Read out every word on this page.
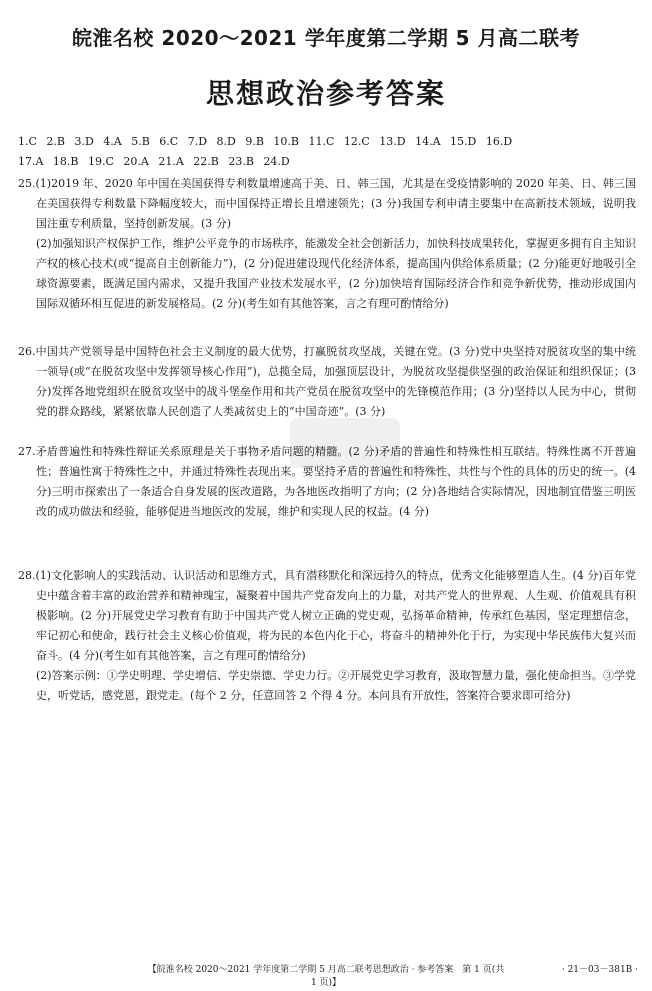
皖淮名校 2020～2021 学年度第二学期 5 月高二联考
思想政治参考答案
1.C 2.B 3.D 4.A 5.B 6.C 7.D 8.D 9.B 10.B 11.C 12.C 13.D 14.A 15.D 16.D
17.A 18.B 19.C 20.A 21.A 22.B 23.B 24.D

25.(1)2019 年、2020 年中国在美国获得专利数量增速高于美、日、韩三国，尤其是在受疫情影响的 2020 年美、日、韩三国在美国获得专利数量下降幅度较大，而中国保持正增长且增速领先；(3 分)我国专利申请主要集中在高新技术领域，说明我国注重专利质量，坚持创新发展。(3 分)

(2)加强知识产权保护工作，维护公平竞争的市场秩序，能激发全社会创新活力，加快科技成果转化，掌握更多拥有自主知识产权的核心技术(或“提高自主创新能力”)，(2 分)促进建设现代化经济体系，提高国内供给体系质量；(2 分)能更好地吸引全球资源要素，既满足国内需求，又提升我国产业技术发展水平，(2 分)加快培育国际经济合作和竞争新优势，推动形成国内国际双循环相互促进的新发展格局。(2 分)(考生如有其他答案，言之有理可酌情给分)

26.中国共产党领导是中国特色社会主义制度的最大优势，打赢脱贫攻坚战，关键在党。(3 分)党中央坚持对脱贫攻坚的集中统一领导(或“在脱贫攻坚中发挥领导核心作用”)，总揽全局，加强顶层设计，为脱贫攻坚提供坚强的政治保证和组织保证；(3 分)发挥各地党组织在脱贫攻坚中的战斗堡垒作用和共产党员在脱贫攻坚中的先锋模范作用；(3 分)坚持以人民为中心，贯彻党的群众路线，紧紧依靠人民创造了人类减贫史上的“中国奇迹”。(3 分)

27.矛盾普遍性和特殊性辩证关系原理是关于事物矛盾问题的精髓。(2 分)矛盾的普遍性和特殊性相互联结。特殊性离不开普遍性；普遍性寓于特殊性之中，并通过特殊性表现出来。要坚持矛盾的普遍性和特殊性、共性与个性的具体的历史的统一。(4 分)三明市探索出了一条适合自身发展的医改道路，为各地医改指明了方向；(2 分)各地结合实际情况，因地制宜借鉴三明医改的成功做法和经验，能够促进当地医改的发展，维护和实现人民的权益。(4 分)

28.(1)文化影响人的实践活动、认识活动和思维方式，具有潜移默化和深远持久的特点，优秀文化能够塑造人生。(4 分)百年党史中蕴含着丰富的政治营养和精神瑰宝，凝聚着中国共产党奋发向上的力量，对共产党人的世界观、人生观、价值观具有积极影响。(2 分)开展党史学习教育有助于中国共产党人树立正确的党史观，弘扬革命精神，传承红色基因，坚定理想信念，牢记初心和使命，践行社会主义核心价值观，将为民的本色内化于心，将奋斗的精神外化于行，为实现中华民族伟大复兴而奋斗。(4 分)(考生如有其他答案，言之有理可酌情给分)

(2)答案示例：①学史明理、学史增信、学史崇德、学史力行。②开展党史学习教育，汲取智慧力量，强化使命担当。③学党史，听党话，感党恩，跟党走。(每个 2 分，任意回答 2 个得 4 分。本问具有开放性，答案符合要求即可给分)

【皖淮名校 2020～2021 学年度第二学期 5 月高二联考思想政治 · 参考答案　第 1 页(共 1 页)】
· 21－03－381B ·
